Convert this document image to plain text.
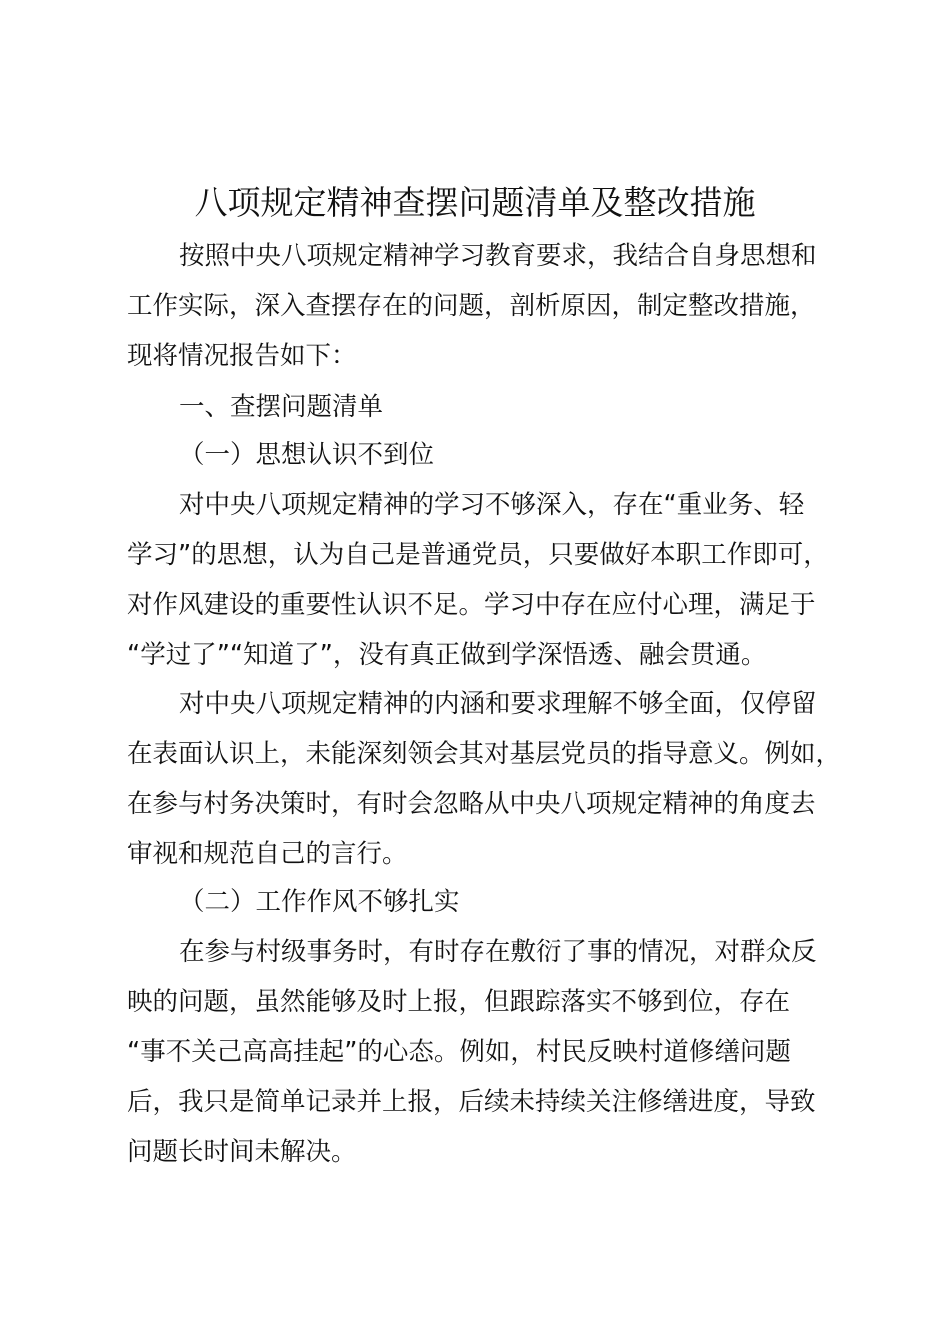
八项规定精神查摆问题清单及整改措施
按照中央八项规定精神学习教育要求，我结合自身思想和
工作实际，深入查摆存在的问题，剖析原因，制定整改措施，
现将情况报告如下：
一、查摆问题清单
（一）思想认识不到位
对中央八项规定精神的学习不够深入，存在“重业务、轻
学习”的思想，认为自己是普通党员，只要做好本职工作即可，
对作风建设的重要性认识不足。学习中存在应付心理，满足于
“学过了”“知道了”，没有真正做到学深悟透、融会贯通。
对中央八项规定精神的内涵和要求理解不够全面，仅停留
在表面认识上，未能深刻领会其对基层党员的指导意义。例如，
在参与村务决策时，有时会忽略从中央八项规定精神的角度去
审视和规范自己的言行。
（二）工作作风不够扎实
在参与村级事务时，有时存在敷衍了事的情况，对群众反
映的问题，虽然能够及时上报，但跟踪落实不够到位，存在
“事不关己高高挂起”的心态。例如，村民反映村道修缮问题
后，我只是简单记录并上报，后续未持续关注修缮进度，导致
问题长时间未解决。
